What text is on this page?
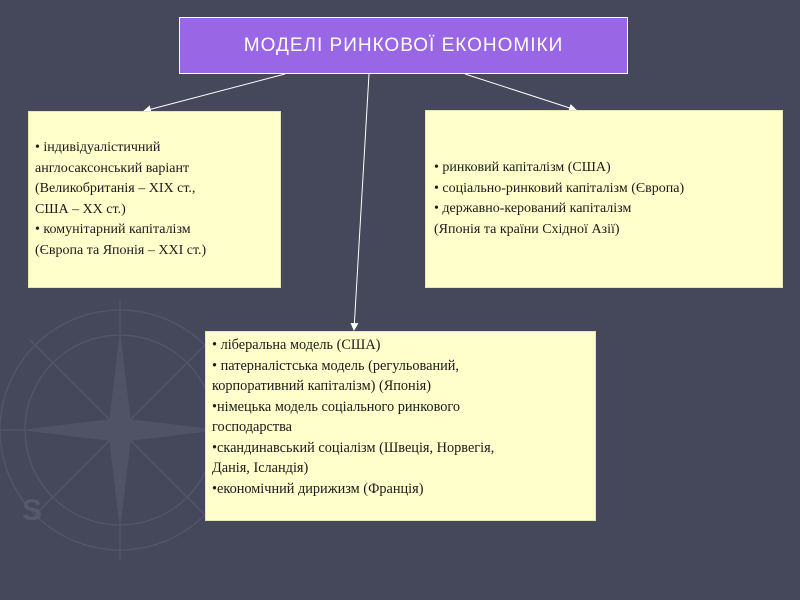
S
МОДЕЛІ РИНКОВОЇ ЕКОНОМІКИ
• індивідуалістичний
англосаксонський варіант
(Великобританія – ХІХ ст.,
США – ХХ ст.)
• комунітарний капіталізм
(Європа та Японія – ХХІ ст.)
• ринковий капіталізм (США)
• соціально-ринковий капіталізм (Європа)
• державно-керований капіталізм
(Японія та країни Східної Азії)
• ліберальна модель (США)
• патерналістська модель (регульований,
корпоративний капіталізм) (Японія)
•німецька модель соціального ринкового
господарства
•скандинавський соціалізм (Швеція, Норвегія,
Данія, Ісландія)
•економічний дирижизм (Франція)
